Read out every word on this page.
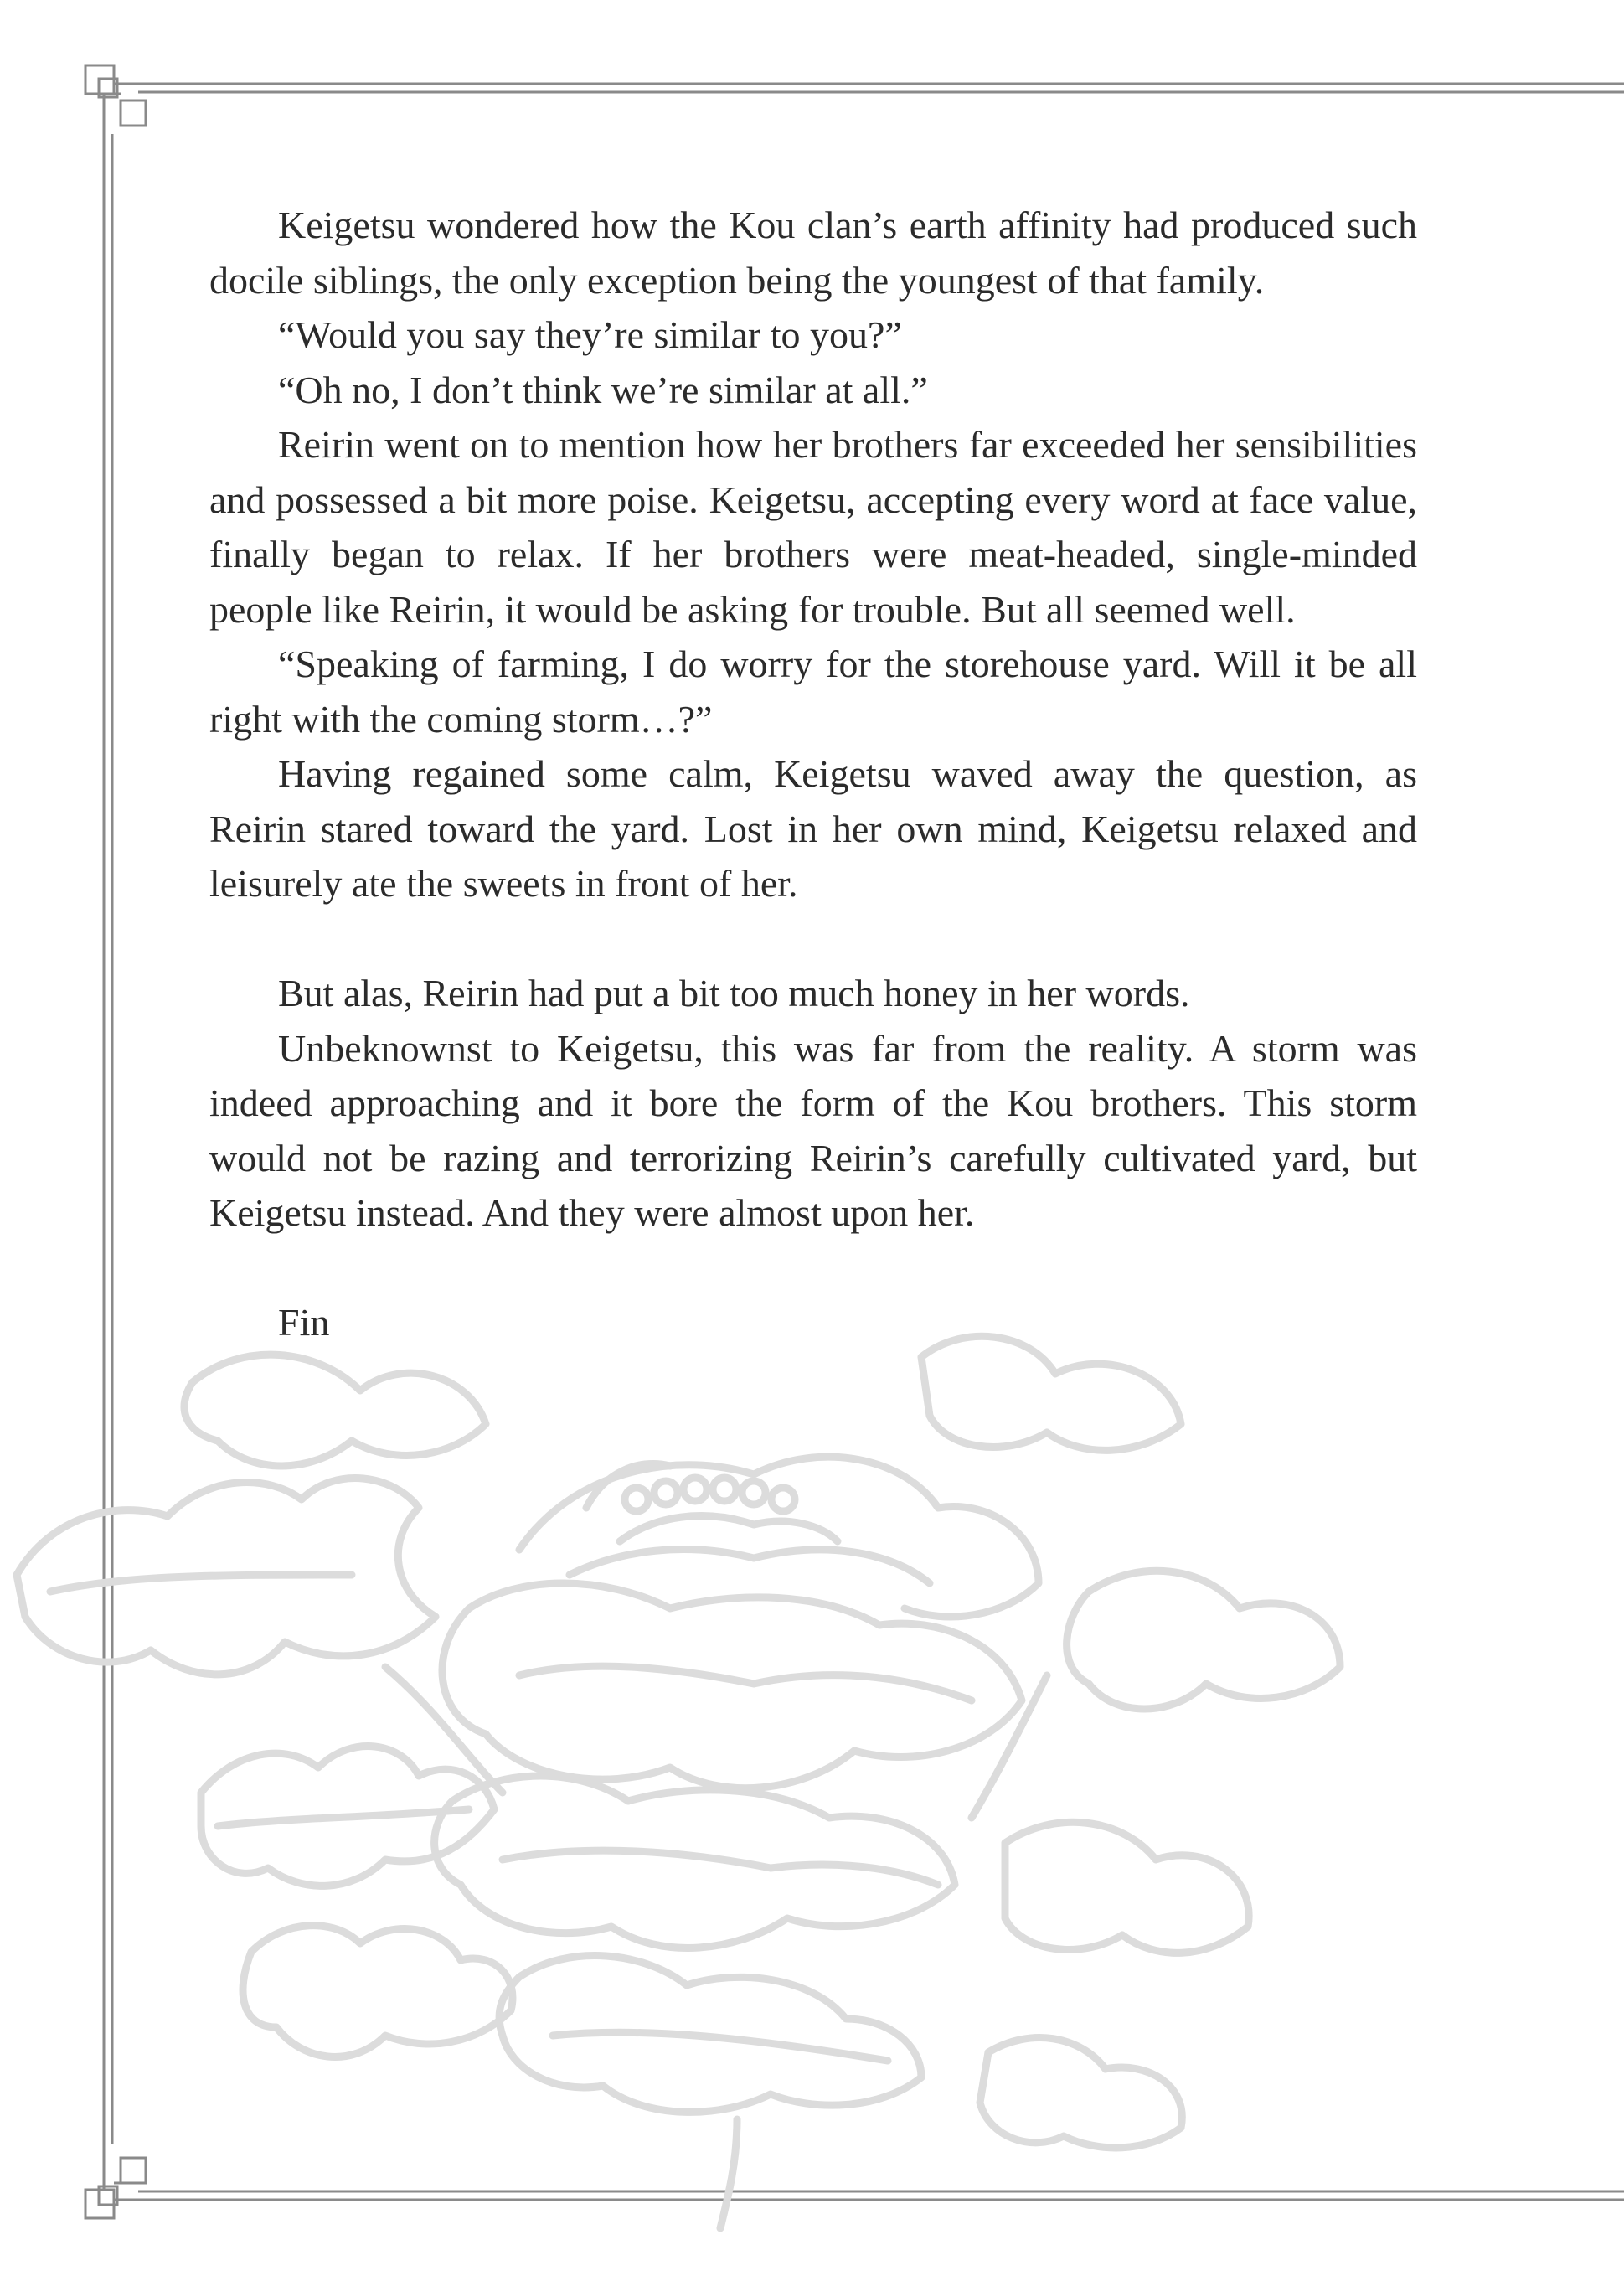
Keigetsu wondered how the Kou clan’s earth affinity had produced such docile siblings, the only exception being the youngest of that family.

“Would you say they’re similar to you?”

“Oh no, I don’t think we’re similar at all.”

Reirin went on to mention how her brothers far exceeded her sensibilities and possessed a bit more poise. Keigetsu, accepting every word at face value, finally began to relax. If her brothers were meat-headed, single-minded people like Reirin, it would be asking for trouble. But all seemed well.

“Speaking of farming, I do worry for the storehouse yard. Will it be all right with the coming storm…?”

Having regained some calm, Keigetsu waved away the question, as Reirin stared toward the yard. Lost in her own mind, Keigetsu relaxed and leisurely ate the sweets in front of her.

But alas, Reirin had put a bit too much honey in her words.

Unbeknownst to Keigetsu, this was far from the reality. A storm was indeed approaching and it bore the form of the Kou brothers. This storm would not be razing and terrorizing Reirin’s carefully cultivated yard, but Keigetsu instead. And they were almost upon her.

Fin
